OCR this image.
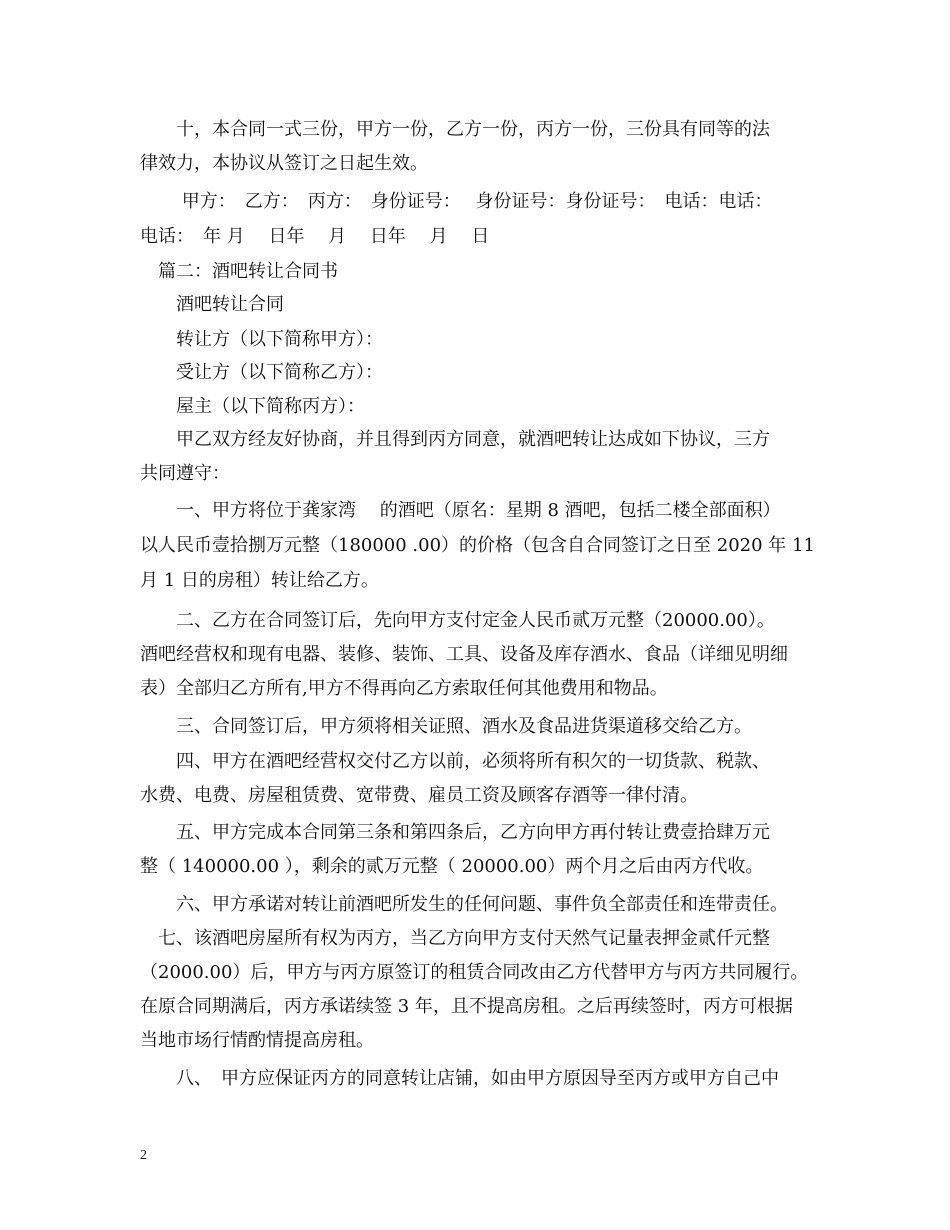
　　十，本合同一式三份，甲方一份，乙方一份，丙方一份，三份具有同等的法
律效力，本协议从签订之日起生效。
　　 甲方：　乙方：　丙方：　身份证号：　 身份证号：身份证号：　电话：电话：
电话：　年 月　 日年　 月　 日年　 月　 日
　篇二：酒吧转让合同书
　　酒吧转让合同
　　转让方（以下简称甲方）：
　　受让方（以下简称乙方）：
　　屋主（以下简称丙方）：
　　甲乙双方经友好协商，并且得到丙方同意，就酒吧转让达成如下协议，三方
共同遵守：
　　一、甲方将位于龚家湾　 的酒吧（原名：星期 8 酒吧，包括二楼全部面积）
以人民币壹拾捌万元整（180000 .00）的价格（包含自合同签订之日至 2020 年 11
月 1 日的房租）转让给乙方。
　　二、乙方在合同签订后，先向甲方支付定金人民币贰万元整（20000.00）。
酒吧经营权和现有电器、装修、装饰、工具、设备及库存酒水、食品（详细见明细
表）全部归乙方所有,甲方不得再向乙方索取任何其他费用和物品。
　　三、合同签订后，甲方须将相关证照、酒水及食品进货渠道移交给乙方。
　　四、甲方在酒吧经营权交付乙方以前，必须将所有积欠的一切货款、税款、
水费、电费、房屋租赁费、宽带费、雇员工资及顾客存酒等一律付清。
　　五、甲方完成本合同第三条和第四条后，乙方向甲方再付转让费壹拾肆万元
整（ 140000.00 ），剩余的贰万元整（ 20000.00）两个月之后由丙方代收。
　　六、甲方承诺对转让前酒吧所发生的任何问题、事件负全部责任和连带责任。
　七、该酒吧房屋所有权为丙方，当乙方向甲方支付天然气记量表押金贰仟元整
（2000.00）后，甲方与丙方原签订的租赁合同改由乙方代替甲方与丙方共同履行。
在原合同期满后，丙方承诺续签 3 年，且不提高房租。之后再续签时，丙方可根据
当地市场行情酌情提高房租。
　　八、　甲方应保证丙方的同意转让店铺，如由甲方原因导至丙方或甲方自己中
2
